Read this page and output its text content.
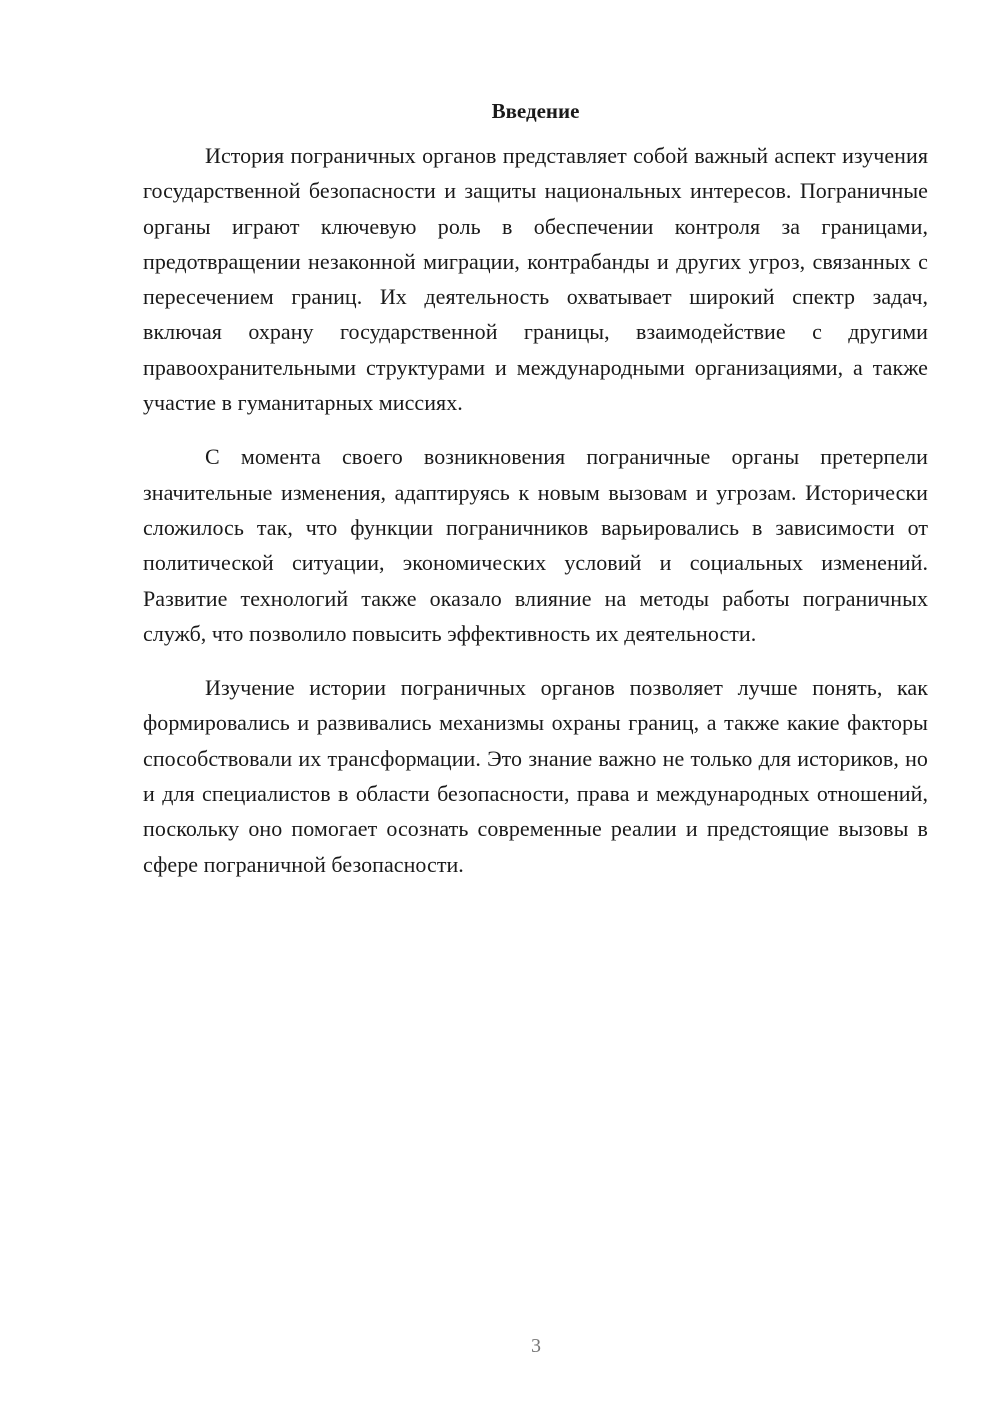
Введение

История пограничных органов представляет собой важный аспект изучения государственной безопасности и защиты национальных интересов. Пограничные органы играют ключевую роль в обеспечении контроля за границами, предотвращении незаконной миграции, контрабанды и других угроз, связанных с пересечением границ. Их деятельность охватывает широкий спектр задач, включая охрану государственной границы, взаимодействие с другими правоохранительными структурами и международными организациями, а также участие в гуманитарных миссиях.

С момента своего возникновения пограничные органы претерпели значительные изменения, адаптируясь к новым вызовам и угрозам. Исторически сложилось так, что функции пограничников варьировались в зависимости от политической ситуации, экономических условий и социальных изменений. Развитие технологий также оказало влияние на методы работы пограничных служб, что позволило повысить эффективность их деятельности.

Изучение истории пограничных органов позволяет лучше понять, как формировались и развивались механизмы охраны границ, а также какие факторы способствовали их трансформации. Это знание важно не только для историков, но и для специалистов в области безопасности, права и международных отношений, поскольку оно помогает осознать современные реалии и предстоящие вызовы в сфере пограничной безопасности.

3
